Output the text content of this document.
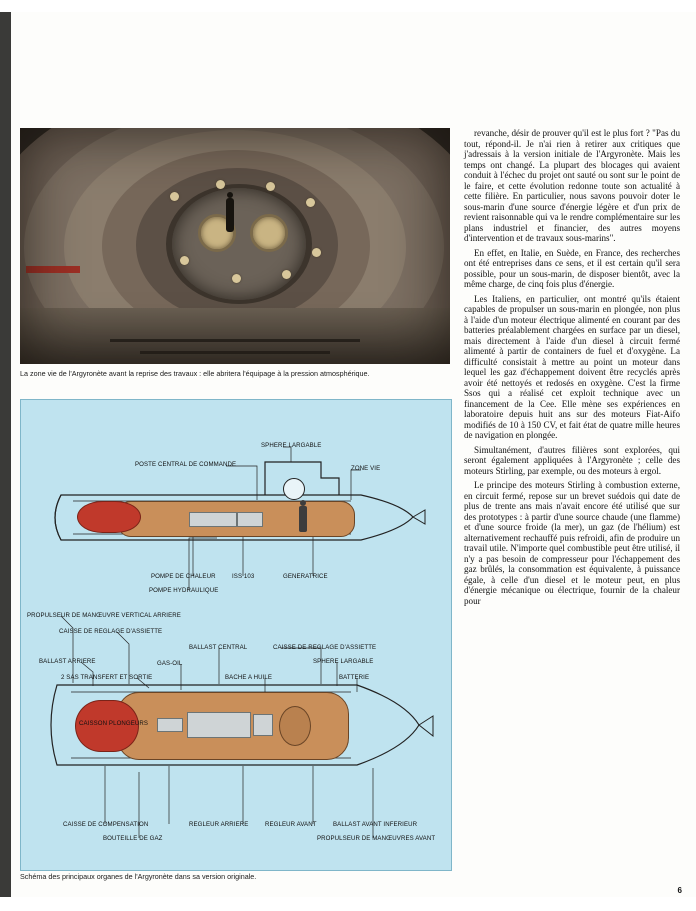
La zone vie de l'Argyronète avant la reprise des travaux : elle abritera l'équipage à la pression atmosphérique.
SPHERE LARGABLE
POSTE CENTRAL DE COMMANDE
ZONE VIE
POMPE DE CHALEUR	ISS 103	GENERATRICE
POMPE HYDRAULIQUE
PROPULSEUR DE MANŒUVRE VERTICAL ARRIERE
CAISSE DE REGLAGE D'ASSIETTE
BALLAST CENTRAL	CAISSE DE REGLAGE D'ASSIETTE
BALLAST ARRIERE	GAS-OIL	SPHERE LARGABLE
2 SAS TRANSFERT ET SORTIE	BACHE A HUILE	BATTERIE
CAISSON PLONGEURS
CAISSE DE COMPENSATION
BOUTEILLE DE GAZ
REGLEUR ARRIERE	REGLEUR AVANT	BALLAST AVANT INFERIEUR
PROPULSEUR DE MANŒUVRES AVANT
Schéma des principaux organes de l'Argyronète dans sa version originale.

revanche, désir de prouver qu'il est le plus fort ? "Pas du tout, répond-il. Je n'ai rien à retirer aux critiques que j'adressais à la version initiale de l'Argyronète. Mais les temps ont changé. La plupart des blocages qui avaient conduit à l'échec du projet ont sauté ou sont sur le point de le faire, et cette évolution redonne toute son actualité à cette filière. En particulier, nous savons pouvoir doter le sous-marin d'une source d'énergie légère et d'un prix de revient raisonnable qui va le rendre complémentaire sur les plans industriel et financier, des autres moyens d'intervention et de travaux sous-marins".

En effet, en Italie, en Suède, en France, des recherches ont été entreprises dans ce sens, et il est certain qu'il sera possible, pour un sous-marin, de disposer bientôt, avec la même charge, de cinq fois plus d'énergie.

Les Italiens, en particulier, ont montré qu'ils étaient capables de propulser un sous-marin en plongée, non plus à l'aide d'un moteur électrique alimenté en courant par des batteries préalablement chargées en surface par un diesel, mais directement à l'aide d'un diesel à circuit fermé alimenté à partir de containers de fuel et d'oxygène. La difficulté consistait à mettre au point un moteur dans lequel les gaz d'échappement doivent être recyclés après avoir été nettoyés et redosés en oxygène. C'est la firme Ssos qui a réalisé cet exploit technique avec un financement de la Cee. Elle mène ses expériences en laboratoire depuis huit ans sur des moteurs Fiat-Aifo modifiés de 10 à 150 CV, et fait état de quatre mille heures de navigation en plongée.

Simultanément, d'autres filières sont explorées, qui seront également appliquées à l'Argyronète ; celle des moteurs Stirling, par exemple, ou des moteurs à ergol.

Le principe des moteurs Stirling à combustion externe, en circuit fermé, repose sur un brevet suédois qui date de plus de trente ans mais n'avait encore été utilisé que sur des prototypes : à partir d'une source chaude (une flamme) et d'une source froide (la mer), un gaz (de l'hélium) est alternativement rechauffé puis refroidi, afin de produire un travail utile. N'importe quel combustible peut être utilisé, il n'y a pas besoin de compresseur pour l'échappement des gaz brûlés, la consommation est équivalente, à puissance égale, à celle d'un diesel et le moteur peut, en plus d'énergie mécanique ou électrique, fournir de la chaleur pour

6
